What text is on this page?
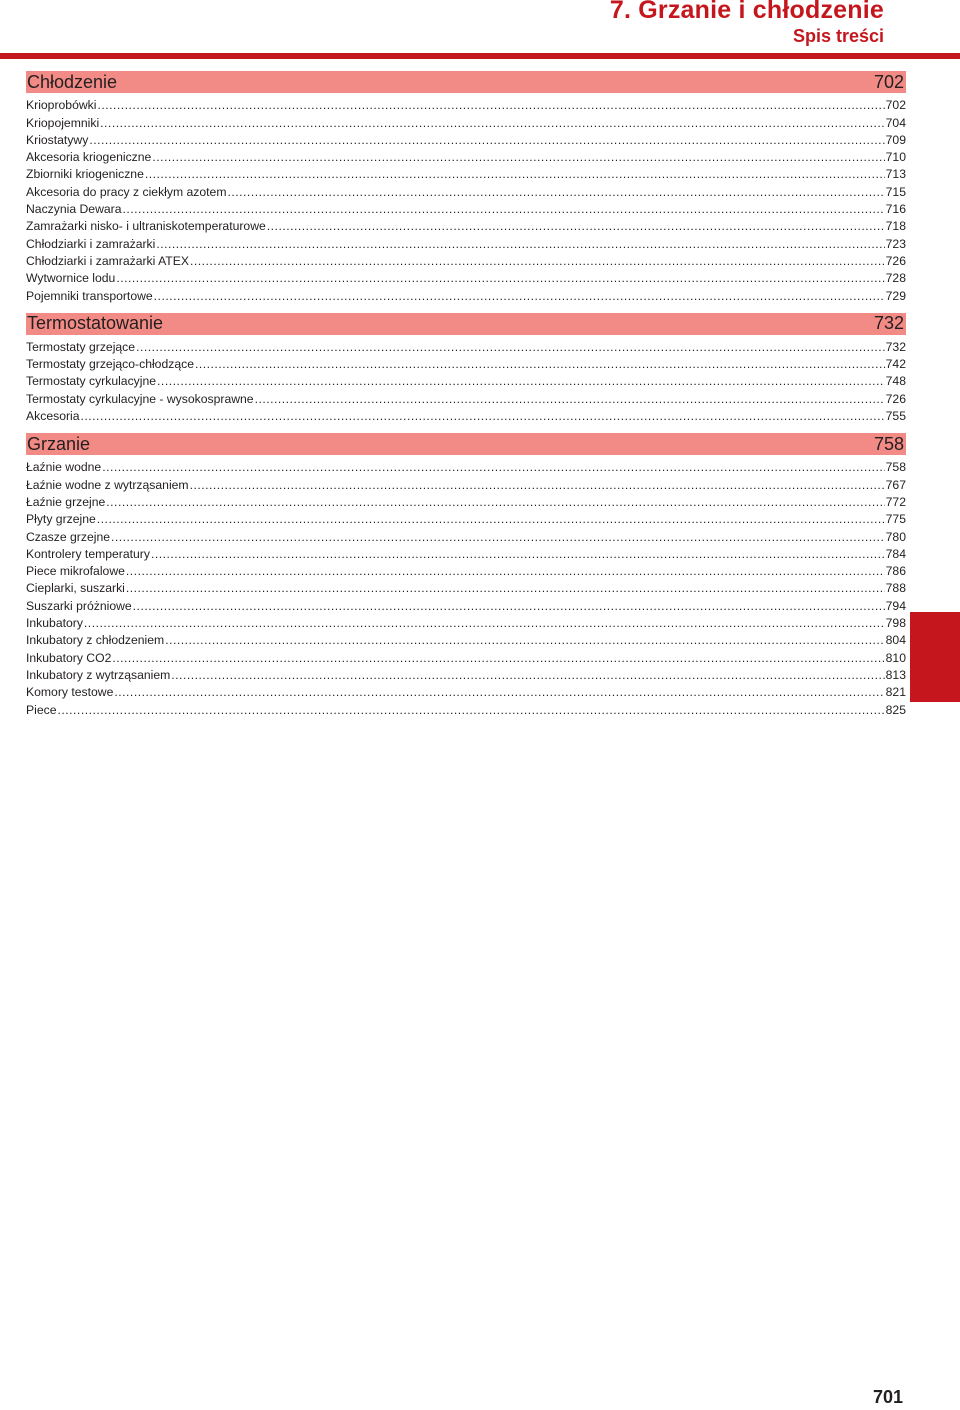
7. Grzanie i chłodzenie
Spis treści
Chłodzenie	702
Krioprobówki .....	702
Kriopojemniki .....	704
Kriostatywy .....	709
Akcesoria kriogeniczne .....	710
Zbiorniki kriogeniczne .....	713
Akcesoria do pracy z ciekłym azotem .....	715
Naczynia Dewara .....	716
Zamrażarki nisko- i ultraniskotemperaturowe .....	718
Chłodziarki i zamrażarki .....	723
Chłodziarki i zamrażarki ATEX .....	726
Wytwornice lodu .....	728
Pojemniki transportowe .....	729
Termostatowanie	732
Termostaty grzejące .....	732
Termostaty grzejąco-chłodzące .....	742
Termostaty cyrkulacyjne .....	748
Termostaty cyrkulacyjne - wysokosprawne .....	726
Akcesoria .....	755
Grzanie	758
Łaźnie wodne .....	758
Łaźnie wodne z wytrząsaniem .....	767
Łaźnie grzejne .....	772
Płyty grzejne .....	775
Czasze grzejne .....	780
Kontrolery temperatury .....	784
Piece mikrofalowe .....	786
Cieplarki, suszarki .....	788
Suszarki próżniowe .....	794
Inkubatory .....	798
Inkubatory z chłodzeniem .....	804
Inkubatory CO2 .....	810
Inkubatory z wytrząsaniem .....	813
Komory testowe .....	821
Piece .....	825
701
